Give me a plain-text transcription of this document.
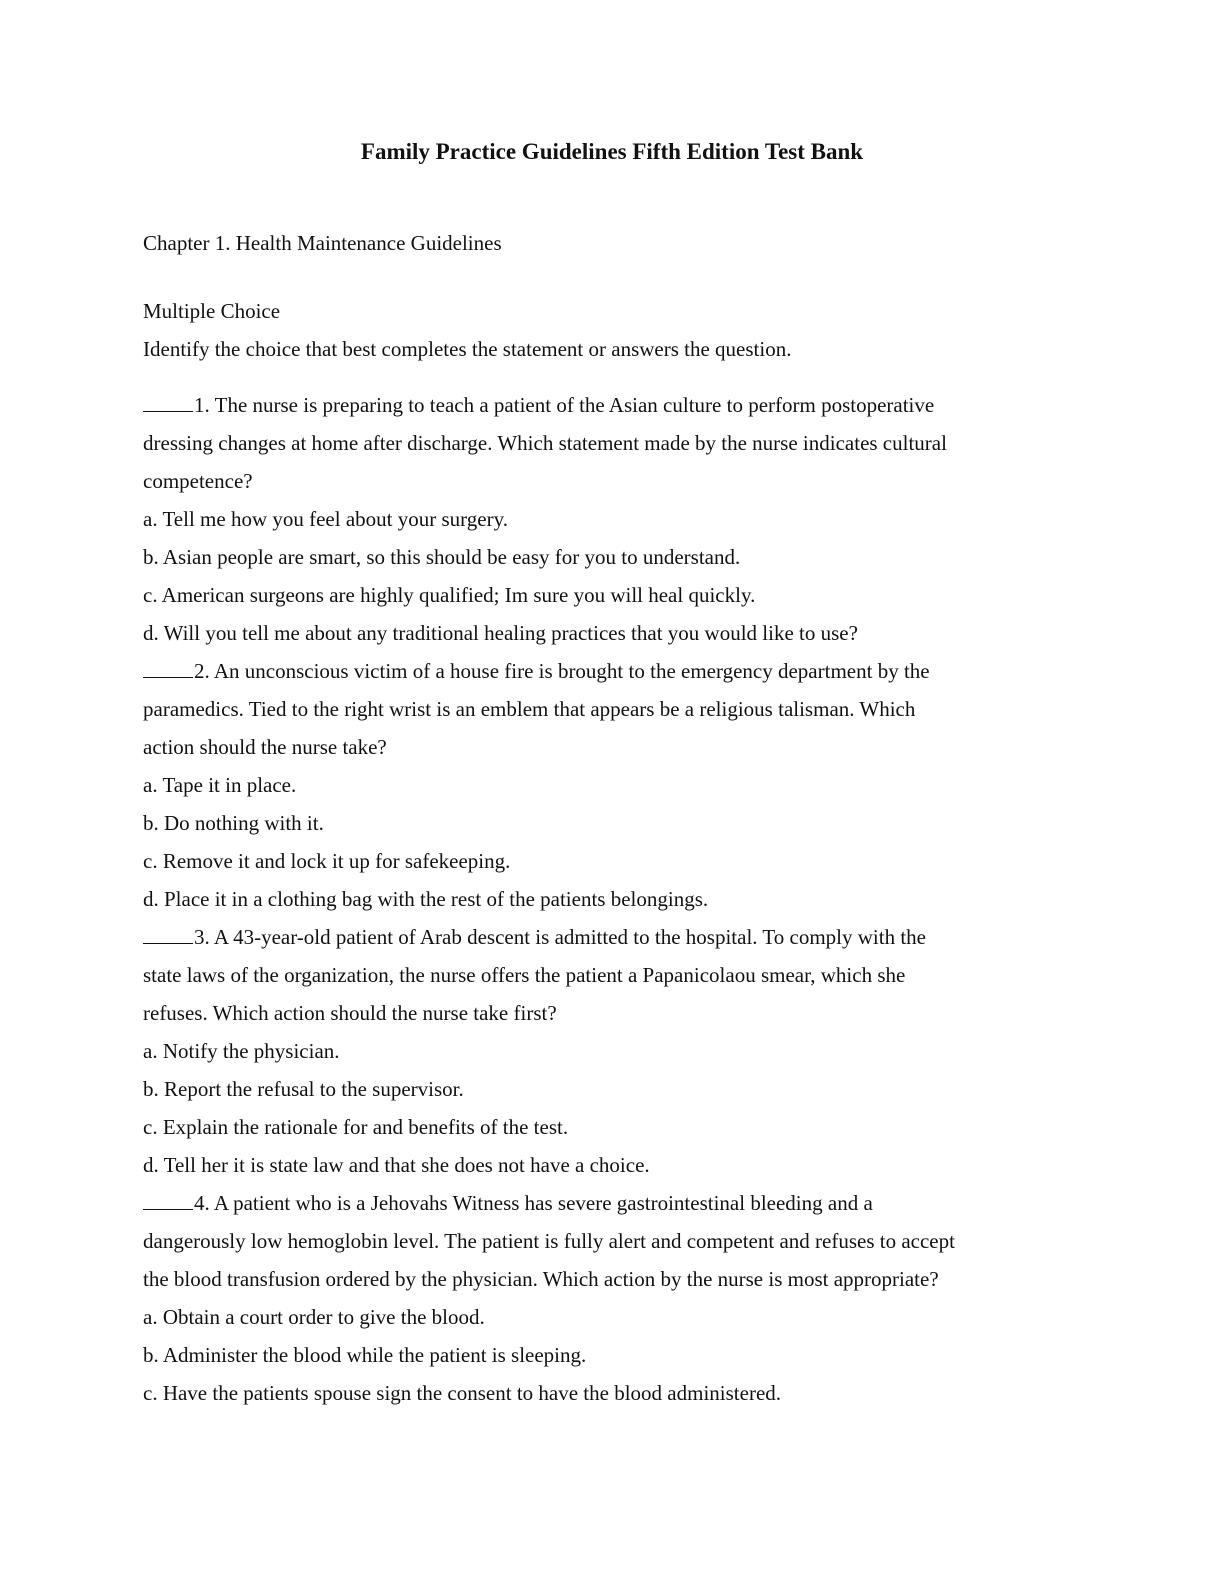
Family Practice Guidelines Fifth Edition Test Bank

Chapter 1. Health Maintenance Guidelines

Multiple Choice

Identify the choice that best completes the statement or answers the question.

1. The nurse is preparing to teach a patient of the Asian culture to perform postoperative

dressing changes at home after discharge. Which statement made by the nurse indicates cultural

competence?

a. Tell me how you feel about your surgery.

b. Asian people are smart, so this should be easy for you to understand.

c. American surgeons are highly qualified; Im sure you will heal quickly.

d. Will you tell me about any traditional healing practices that you would like to use?

2. An unconscious victim of a house fire is brought to the emergency department by the

paramedics. Tied to the right wrist is an emblem that appears be a religious talisman. Which

action should the nurse take?

a. Tape it in place.

b. Do nothing with it.

c. Remove it and lock it up for safekeeping.

d. Place it in a clothing bag with the rest of the patients belongings.

3. A 43-year-old patient of Arab descent is admitted to the hospital. To comply with the

state laws of the organization, the nurse offers the patient a Papanicolaou smear, which she

refuses. Which action should the nurse take first?

a. Notify the physician.

b. Report the refusal to the supervisor.

c. Explain the rationale for and benefits of the test.

d. Tell her it is state law and that she does not have a choice.

4. A patient who is a Jehovahs Witness has severe gastrointestinal bleeding and a

dangerously low hemoglobin level. The patient is fully alert and competent and refuses to accept

the blood transfusion ordered by the physician. Which action by the nurse is most appropriate?

a. Obtain a court order to give the blood.

b. Administer the blood while the patient is sleeping.

c. Have the patients spouse sign the consent to have the blood administered.
